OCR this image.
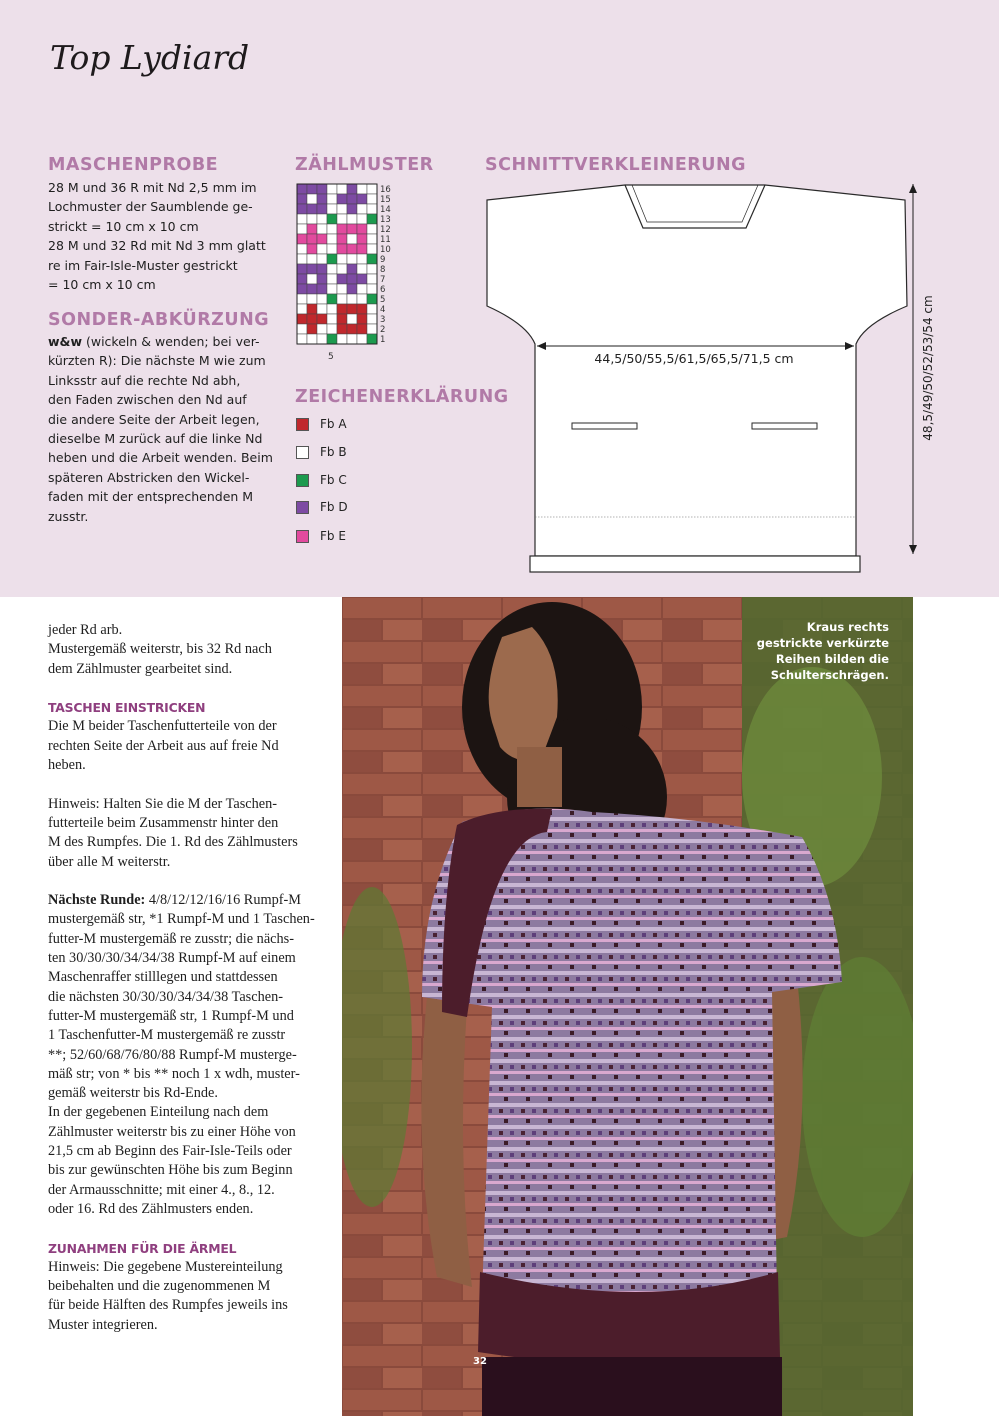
Top Lydiard
MASCHENPROBE
28 M und 36 R mit Nd 2,5 mm im
Lochmuster der Saumblende ge-
strickt = 10 cm x 10 cm
28 M und 32 Rd mit Nd 3 mm glatt
re im Fair-Isle-Muster gestrickt
= 10 cm x 10 cm
SONDER-ABKÜRZUNG
w&w (wickeln & wenden; bei ver-
kürzten R): Die nächste M wie zum
Linksstr auf die rechte Nd abh,
den Faden zwischen den Nd auf
die andere Seite der Arbeit legen,
dieselbe M zurück auf die linke Nd
heben und die Arbeit wenden. Beim
späteren Abstricken den Wickel-
faden mit der entsprechenden M
zusstr.
ZÄHLMUSTER
16
15
14
13
12
11
10
9
8
7
6
5
4
3
2
1
5
ZEICHENERKLÄRUNG
Fb A
Fb B
Fb C
Fb D
Fb E
SCHNITTVERKLEINERUNG
44,5/50/55,5/61,5/65,5/71,5 cm	48,5/49/50/52/53/54 cm
jeder Rd arb.
Mustergemäß weiterstr, bis 32 Rd nach
dem Zählmuster gearbeitet sind.
TASCHEN EINSTRICKEN
Die M beider Taschenfutterteile von der
rechten Seite der Arbeit aus auf freie Nd
heben.
Hinweis: Halten Sie die M der Taschen-
futterteile beim Zusammenstr hinter den
M des Rumpfes. Die 1. Rd des Zählmusters
über alle M weiterstr.
Nächste Runde: 4/8/12/12/16/16 Rumpf-M
mustergemäß str, *1 Rumpf-M und 1 Taschen-
futter-M mustergemäß re zusstr; die nächs-
ten 30/30/30/34/34/38 Rumpf-M auf einem
Maschenraffer stilllegen und stattdessen
die nächsten 30/30/30/34/34/38 Taschen-
futter-M mustergemäß str, 1 Rumpf-M und
1 Taschenfutter-M mustergemäß re zusstr
**; 52/60/68/76/80/88 Rumpf-M musterge-
mäß str; von * bis ** noch 1 x wdh, muster-
gemäß weiterstr bis Rd-Ende.
In der gegebenen Einteilung nach dem
Zählmuster weiterstr bis zu einer Höhe von
21,5 cm ab Beginn des Fair-Isle-Teils oder
bis zur gewünschten Höhe bis zum Beginn
der Armausschnitte; mit einer 4., 8., 12.
oder 16. Rd des Zählmusters enden.
ZUNAHMEN FÜR DIE ÄRMEL
Hinweis: Die gegebene Mustereinteilung
beibehalten und die zugenommenen M
für beide Hälften des Rumpfes jeweils ins
Muster integrieren.
Kraus rechts
gestrickte verkürzte
Reihen bilden die
Schulterschrägen.
32
